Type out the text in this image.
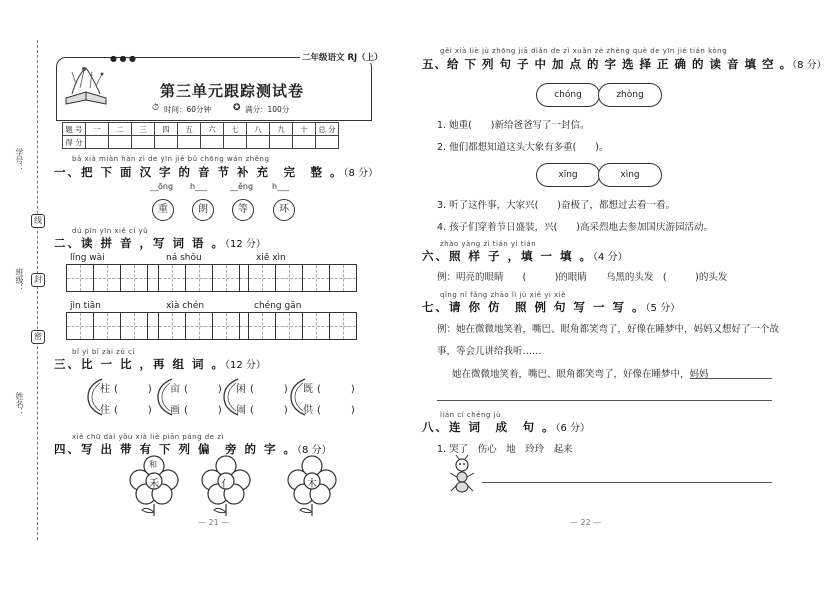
学号：
班级：
姓名：
线
封
密
● ● ●	二年级语文 RJ（上）
第三单元跟踪测试卷
⏱ 时间：60分钟 ✪ 满分：100分
题 号	一	二	三	四	五	六	七	八	九	十	总 分
得 分											
bǎ xià miàn hàn zì de yīn jié bǔ chōng wán zhěng
一、把 下 面 汉 字 的 音 节 补 充　完　整 。（8 分）
__ōng h___	__ěng h___
重	朗	等	环
dú pīn yīn xiě cí yǔ
二、读 拼 音 ，写 词 语 。（12 分）
lǐng wài	ná shǒu	xiě xìn
jìn tiān	xià chén	chéng gǎn
bǐ yi bǐ zài zǔ cí
三、比 一 比 ，再 组 词 。（12 分）
柱 (　　　)
住 (　　　)
亩 (　　　)
画 (　　　)
闲 (　　　)
闹 (　　　)
既 (　　　)
供 (　　　)
xiě chū dài yǒu xià liè piān páng de zì
四、写 出 带 有 下 列 偏　旁 的 字 。（8 分）
和
禾	亻	木
— 21 —
gěi xià liè jù zhōng jiā diǎn de zì xuǎn zé zhèng què de yīn jié tián kòng
五、给 下 列 句 子 中 加 点 的 字 选 择 正 确 的 读 音 填 空 。（8 分）
chóng	zhòng
1. 她重(　　)新给爸爸写了一封信。
2. 他们都想知道这头大象有多重(　　)。
xīng	xìng
3. 听了这件事，大家兴(　　)奋极了，都想过去看一看。
4. 孩子们穿着节日盛装，兴(　　)高采烈地去参加国庆游园活动。
zhào yàng zi tián yi tián
六、照 样 子 ，填 一 填 。（4 分）
例：明亮的眼睛　　(　　　)的眼睛　　乌黑的头发　(　　　)的头发
qǐng nǐ fǎng zhào lì jù xiě yi xiě
七、请 你 仿　照 例 句 写 一 写 。（5 分）
例：她在微微地笑着，嘴巴、眼角都笑弯了，好像在睡梦中，妈妈又想好了一个故
事，等会儿讲给我听……
她在微微地笑着，嘴巴、眼角都笑弯了，好像在睡梦中，妈妈
lián cí chéng jù
八、连 词　成　句 。（6 分）
1. 哭了　伤心　地　玲玲　起来
— 22 —
